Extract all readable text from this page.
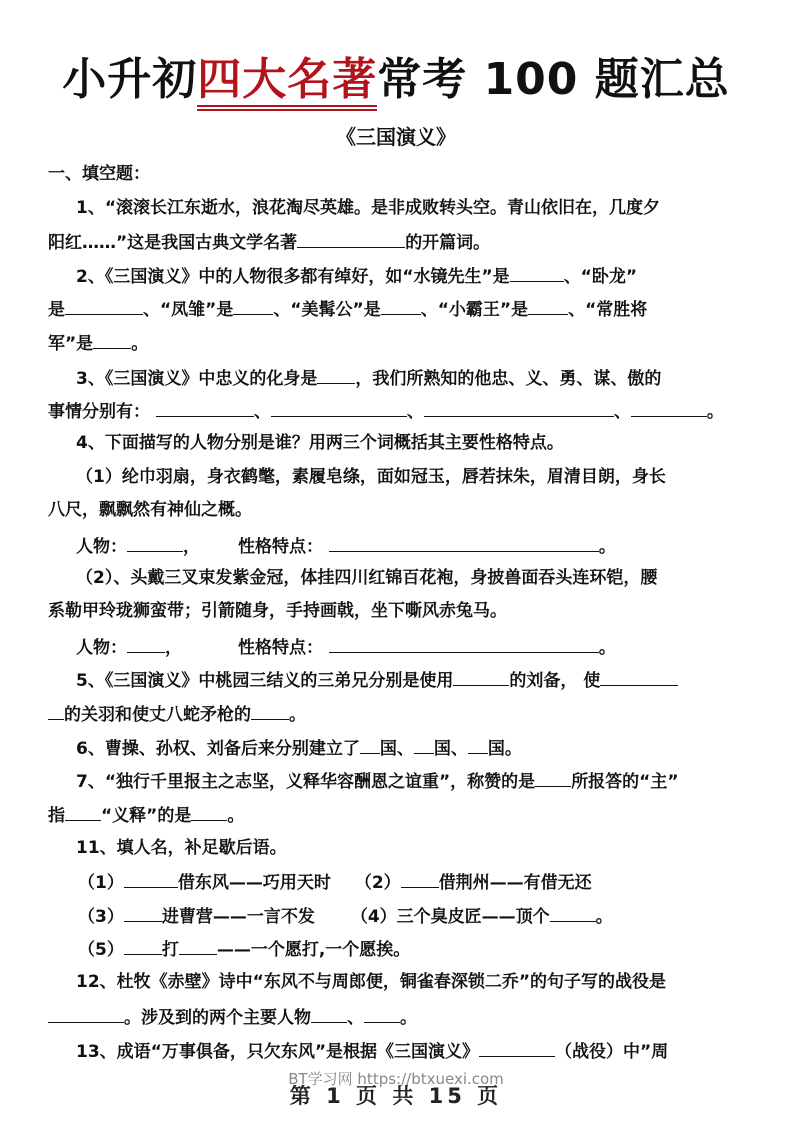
小升初四大名著常考 100 题汇总
《三国演义》
一、填空题：
1、“滚滚长江东逝水，浪花淘尽英雄。是非成败转头空。青山依旧在，几度夕
阳红……”这是我国古典文学名著	的开篇词。
2、《三国演义》中的人物很多都有绰好，如“水镜先生”是	、“卧龙”
是	、“凤雏”是 、“美髯公”是 、“小霸王”是 、“常胜将
军”是 。
3、《三国演义》中忠义的化身是 ，我们所熟知的他忠、义、勇、谋、傲的
事情分别有：	、	、	、	。
4、下面描写的人物分别是谁？用两三个词概括其主要性格特点。
（1）纶巾羽扇，身衣鹤氅，素履皂绦，面如冠玉，唇若抹朱，眉清目朗，身长
八尺，飘飘然有神仙之概。
人物：	， 性格特点：	。
（2）、头戴三叉束发紫金冠，体挂四川红锦百花袍，身披兽面吞头连环铠，腰
系勒甲玲珑狮蛮带；引箭随身，手持画戟，坐下嘶风赤兔马。
人物： ，	性格特点：	。
5、《三国演义》中桃园三结义的三弟兄分别是使用	的刘备， 使
的关羽和使丈八蛇矛枪的 。
6、曹操、孙权、刘备后来分别建立了 国、 国、 国。
7、“独行千里报主之志坚，义释华容酬恩之谊重”，称赞的是 所报答的“主”
指 “义释”的是 。
11、填人名，补足歇后语。
（1）	借东风——巧用天时 （2） 借荆州——有借无还
（3） 进曹营——一言不发 （4）三个臭皮匠——顶个	。
（5） 打 ——一个愿打,一个愿挨。
12、杜牧《赤壁》诗中“东风不与周郎便，铜雀春深锁二乔”的句子写的战役是
。涉及到的两个主要人物 、 。
13、成语“万事俱备，只欠东风”是根据《三国演义》	（战役）中”周
BT学习网 https://btxuexi.com
第 1 页 共 15 页
